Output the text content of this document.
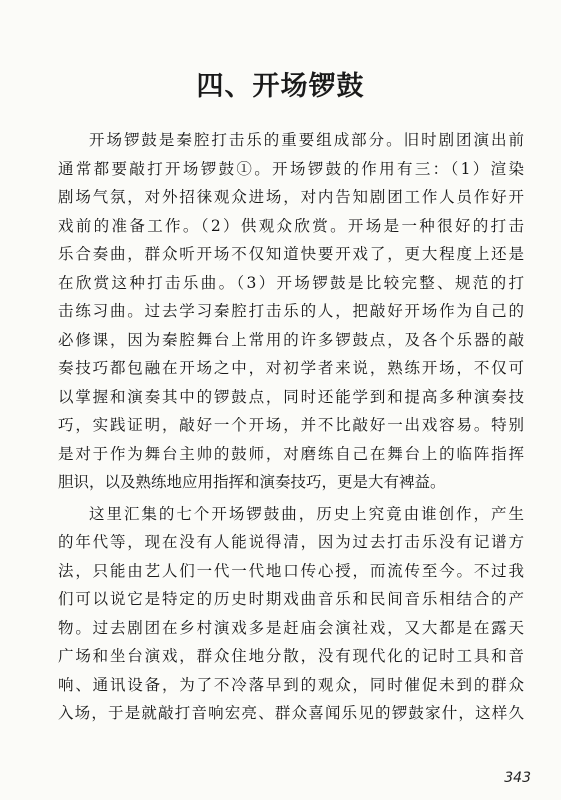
四、开场锣鼓
开场锣鼓是秦腔打击乐的重要组成部分。旧时剧团演出前
通常都要敲打开场锣鼓①。开场锣鼓的作用有三：（1）渲染
剧场气氛，对外招徕观众进场，对内告知剧团工作人员作好开
戏前的准备工作。（2）供观众欣赏。开场是一种很好的打击
乐合奏曲，群众听开场不仅知道快要开戏了，更大程度上还是
在欣赏这种打击乐曲。（3）开场锣鼓是比较完整、规范的打
击练习曲。过去学习秦腔打击乐的人，把敲好开场作为自己的
必修课，因为秦腔舞台上常用的许多锣鼓点，及各个乐器的敲
奏技巧都包融在开场之中，对初学者来说，熟练开场，不仅可
以掌握和演奏其中的锣鼓点，同时还能学到和提高多种演奏技
巧，实践证明，敲好一个开场，并不比敲好一出戏容易。特别
是对于作为舞台主帅的鼓师，对磨练自己在舞台上的临阵指挥
胆识，以及熟练地应用指挥和演奏技巧，更是大有裨益。
这里汇集的七个开场锣鼓曲，历史上究竟由谁创作，产生
的年代等，现在没有人能说得清，因为过去打击乐没有记谱方
法，只能由艺人们一代一代地口传心授，而流传至今。不过我
们可以说它是特定的历史时期戏曲音乐和民间音乐相结合的产
物。过去剧团在乡村演戏多是赶庙会演社戏，又大都是在露天
广场和坐台演戏，群众住地分散，没有现代化的记时工具和音
响、通讯设备，为了不冷落早到的观众，同时催促未到的群众
入场，于是就敲打音响宏亮、群众喜闻乐见的锣鼓家什，这样久
343
